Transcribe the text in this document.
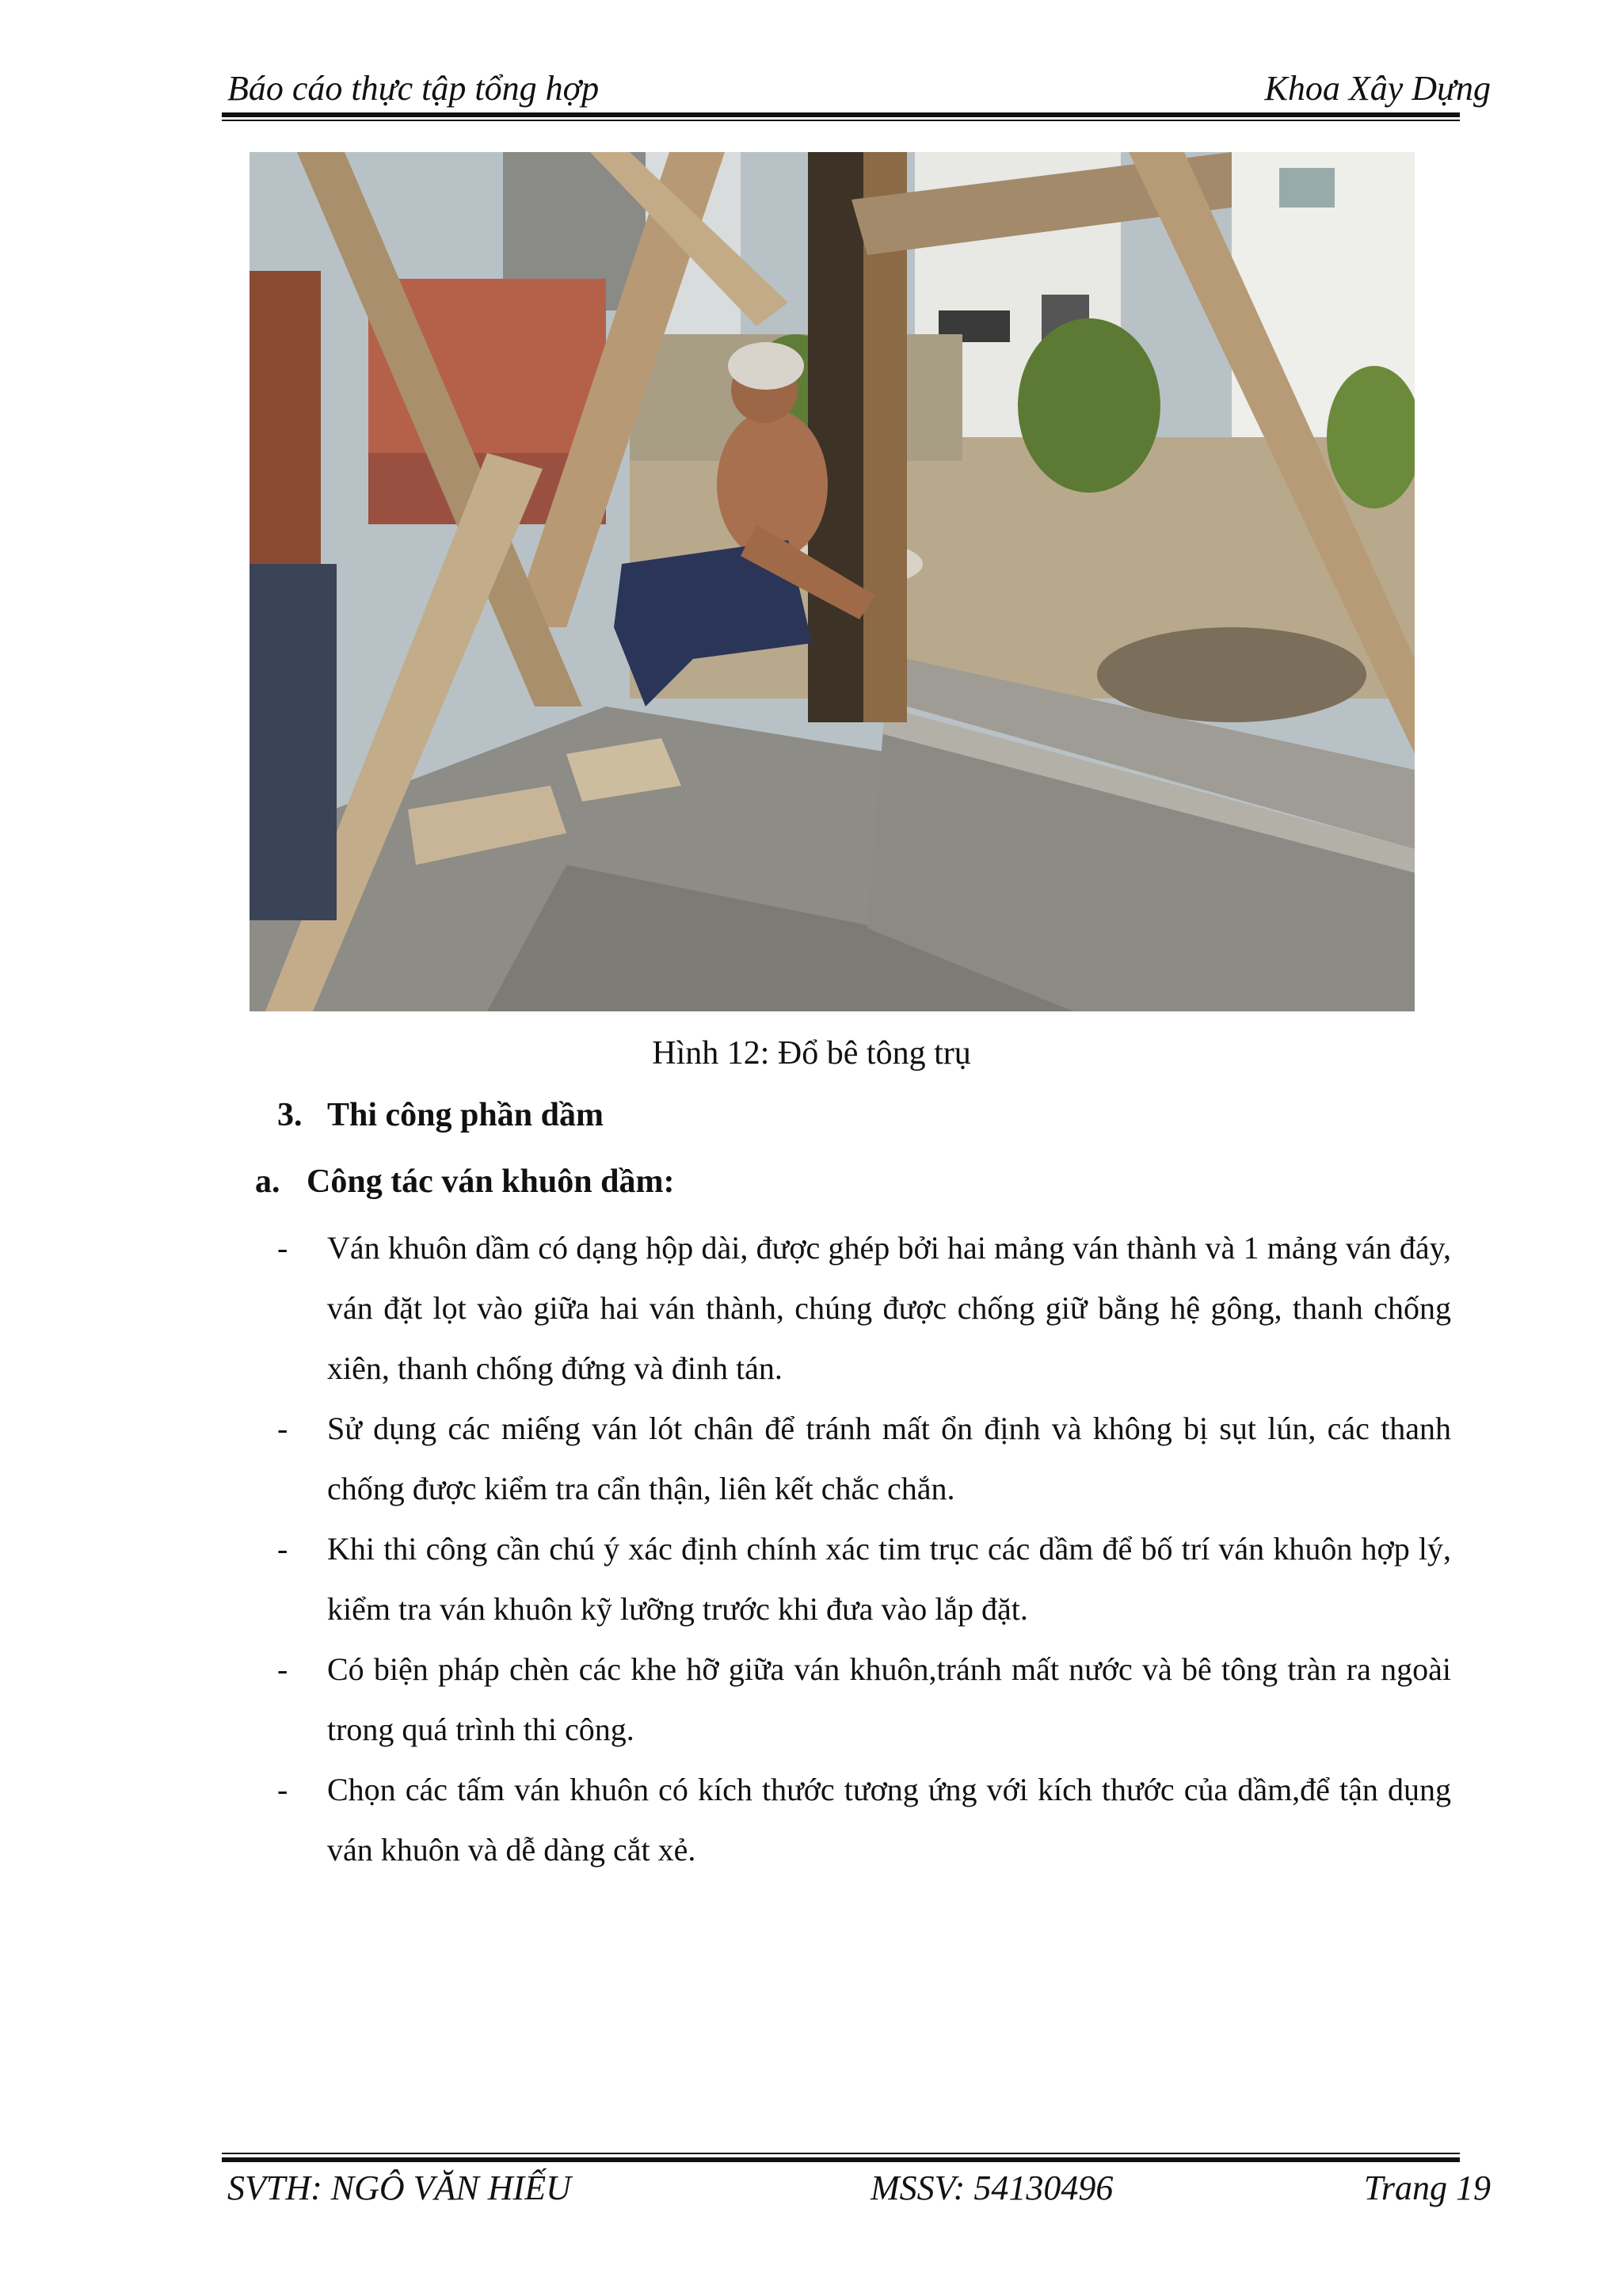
Báo cáo thực tập tổng hợp	Khoa Xây Dựng
Hình 12: Đổ bê tông trụ
3. Thi công phần dầm
a. Công tác ván khuôn dầm:
- Ván khuôn dầm có dạng hộp dài, được ghép bởi hai mảng ván thành và 1 mảng ván đáy, ván đặt lọt vào giữa hai ván thành, chúng được chống giữ bằng hệ gông, thanh chống xiên, thanh chống đứng và đinh tán.
- Sử dụng các miếng ván lót chân để tránh mất ổn định và không bị sụt lún, các thanh chống được kiểm tra cẩn thận, liên kết chắc chắn.
- Khi thi công cần chú ý xác định chính xác tim trục các dầm để bố trí ván khuôn hợp lý, kiểm tra ván khuôn kỹ lưỡng trước khi đưa vào lắp đặt.
- Có biện pháp chèn các khe hỡ giữa ván khuôn,tránh mất nước và bê tông tràn ra ngoài trong quá trình thi công.
- Chọn các tấm ván khuôn có kích thước tương ứng với kích thước của dầm,để tận dụng ván khuôn và dễ dàng cắt xẻ.
SVTH: NGÔ VĂN HIẾU	MSSV: 54130496	Trang 19
